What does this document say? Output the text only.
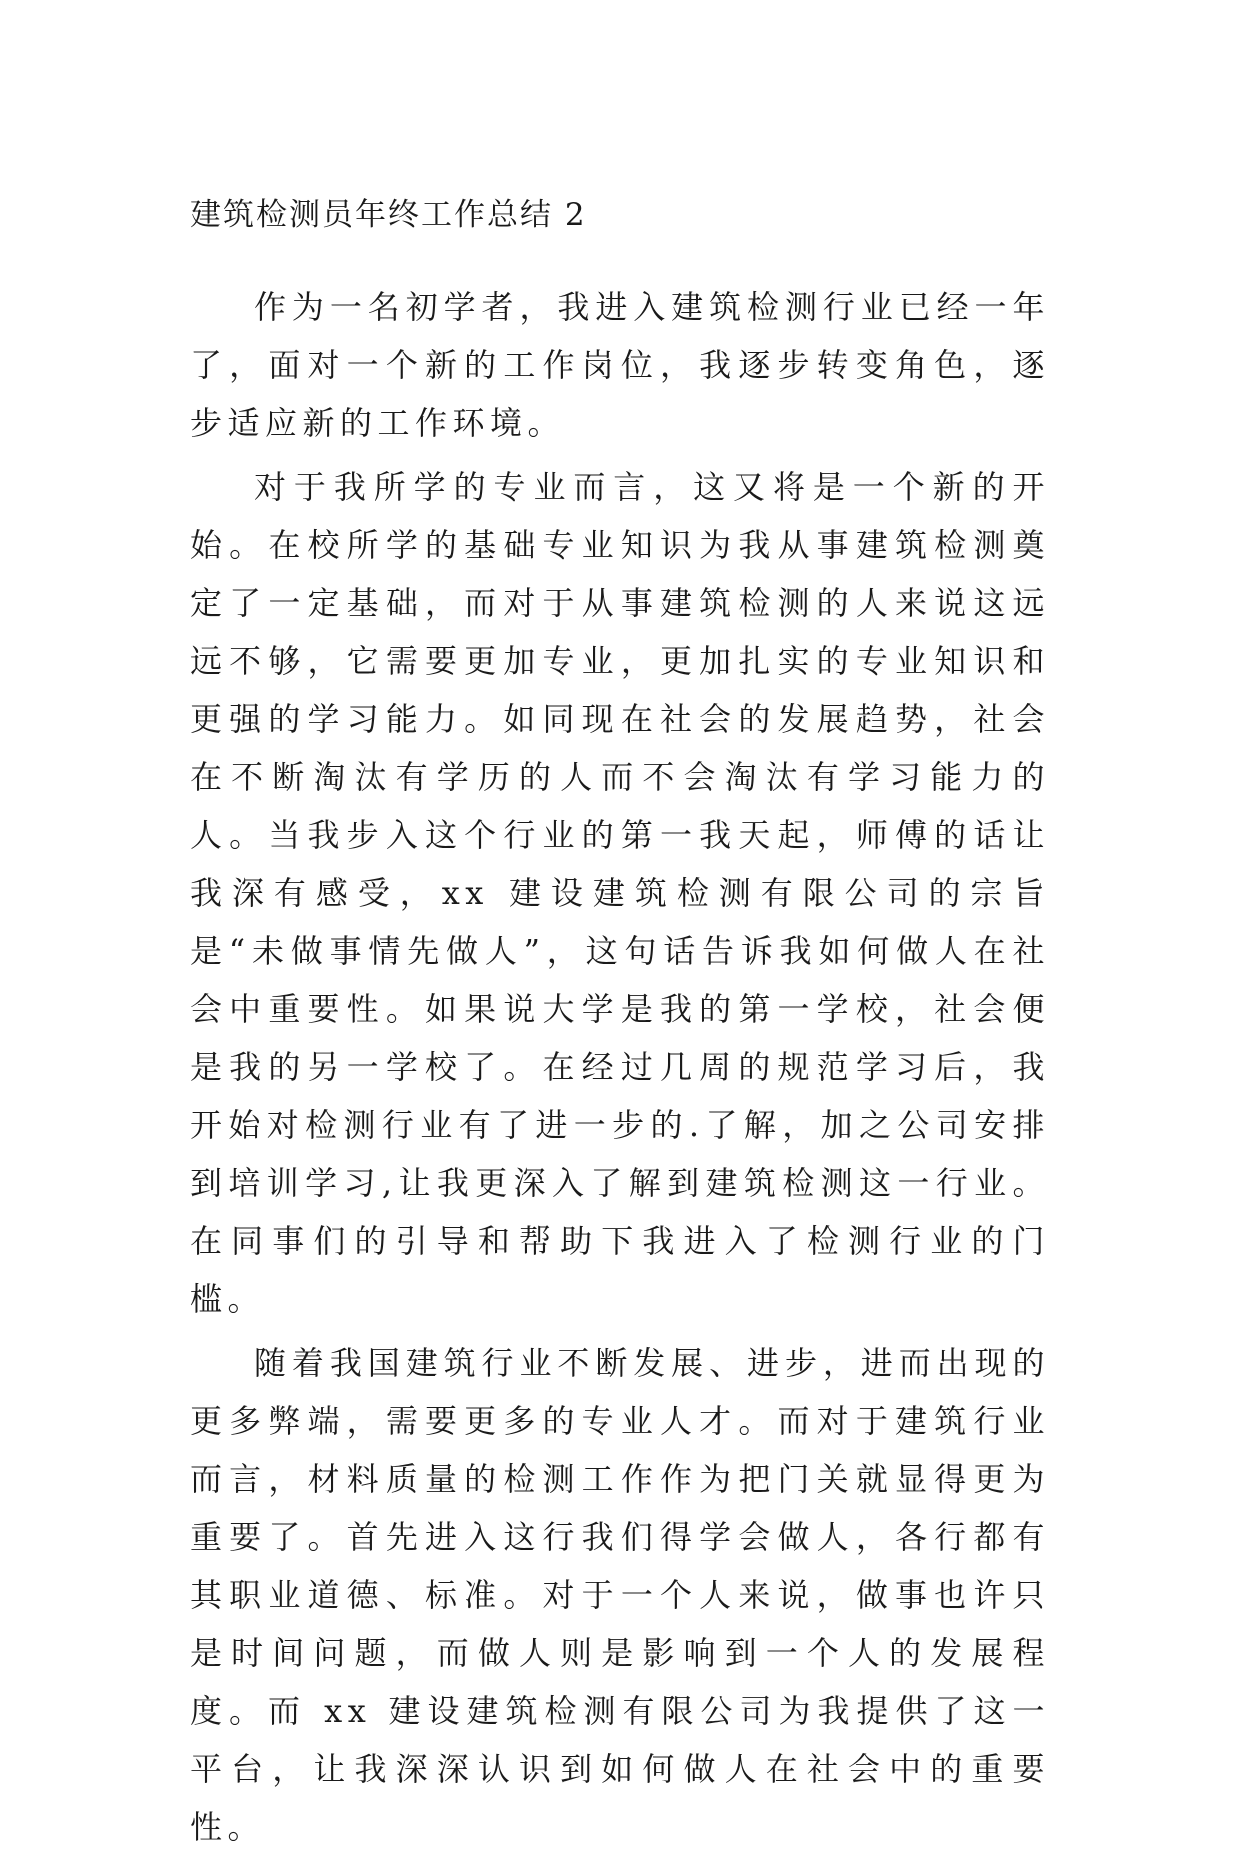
建筑检测员年终工作总结 2

作为一名初学者，我进入建筑检测行业已经一年了，面对一个新的工作岗位，我逐步转变角色，逐步适应新的工作环境。

对于我所学的专业而言，这又将是一个新的开始。在校所学的基础专业知识为我从事建筑检测奠定了一定基础，而对于从事建筑检测的人来说这远远不够，它需要更加专业，更加扎实的专业知识和更强的学习能力。如同现在社会的发展趋势，社会在不断淘汰有学历的人而不会淘汰有学习能力的人。当我步入这个行业的第一我天起，师傅的话让我深有感受，xx 建设建筑检测有限公司的宗旨是“未做事情先做人”，这句话告诉我如何做人在社会中重要性。如果说大学是我的第一学校，社会便是我的另一学校了。在经过几周的规范学习后，我开始对检测行业有了进一步的.了解，加之公司安排到培训学习,让我更深入了解到建筑检测这一行业。在同事们的引导和帮助下我进入了检测行业的门槛。

随着我国建筑行业不断发展、进步，进而出现的更多弊端，需要更多的专业人才。而对于建筑行业而言，材料质量的检测工作作为把门关就显得更为重要了。首先进入这行我们得学会做人，各行都有其职业道德、标准。对于一个人来说，做事也许只是时间问题，而做人则是影响到一个人的发展程度。而 xx 建设建筑检测有限公司为我提供了这一平台，让我深深认识到如何做人在社会中的重要性。
